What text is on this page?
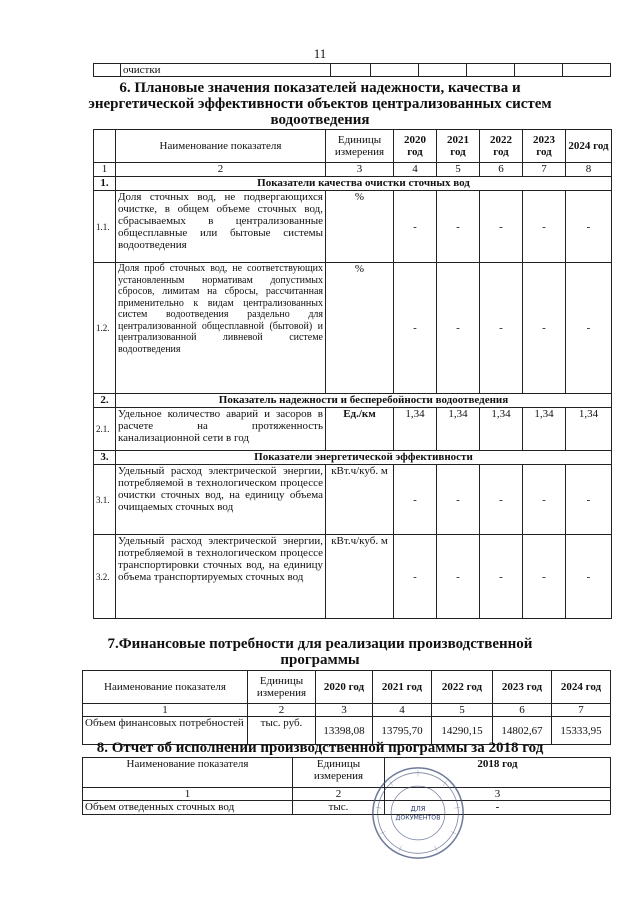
11
	очистки						
6. Плановые значения показателей надежности, качества и
энергетической эффективности объектов централизованных систем
водоотведения
	Наименование показателя	Единицы измерения	2020 год	2021 год	2022 год	2023 год	2024 год
1	2	3	4	5	6	7	8
1.	Показатели качества очистки сточных вод						
1.1.	Доля сточных вод, не подвергающихся очистке, в общем объеме сточных вод, сбрасываемых в централизованные общесплавные или бытовые системы водоотведения	%	-	-	-	-	-
1.2.	Доля проб сточных вод, не соответствующих установленным нормативам допустимых сбросов, лимитам на сбросы, рассчитанная применительно к видам централизованных систем водоотведения раздельно для централизованной общесплавной (бытовой) и централизованной ливневой системе водоотведения	%	-	-	-	-	-
2.	Показатель надежности и бесперебойности водоотведения						
2.1.	Удельное количество аварий и засоров в расчете на протяженность канализационной сети в год	Ед./км	1,34	1,34	1,34	1,34	1,34
3.	Показатели энергетической эффективности						
3.1.	Удельный расход электрической энергии, потребляемой в технологическом процессе очистки сточных вод, на единицу объема очищаемых сточных вод	кВт.ч/куб. м	-	-	-	-	-
3.2.	Удельный расход электрической энергии, потребляемой в технологическом процессе транспортировки сточных вод, на единицу объема транспортируемых сточных вод	кВт.ч/куб. м	-	-	-	-	-
7.Финансовые потребности для реализации производственной
программы
Наименование показателя	Единицы измерения	2020 год	2021 год	2022 год	2023 год	2024 год
1	2	3	4	5	6	7
Объем финансовых потребностей	тыс. руб.	13398,08	13795,70	14290,15	14802,67	15333,95
8. Отчет об исполнении производственной программы за 2018 год
Наименование показателя	Единицы измерения	2018 год
1	2	3
Объем отведенных сточных вод	тыс.	-
ДЛЯ
ДОКУМЕНТОВ
